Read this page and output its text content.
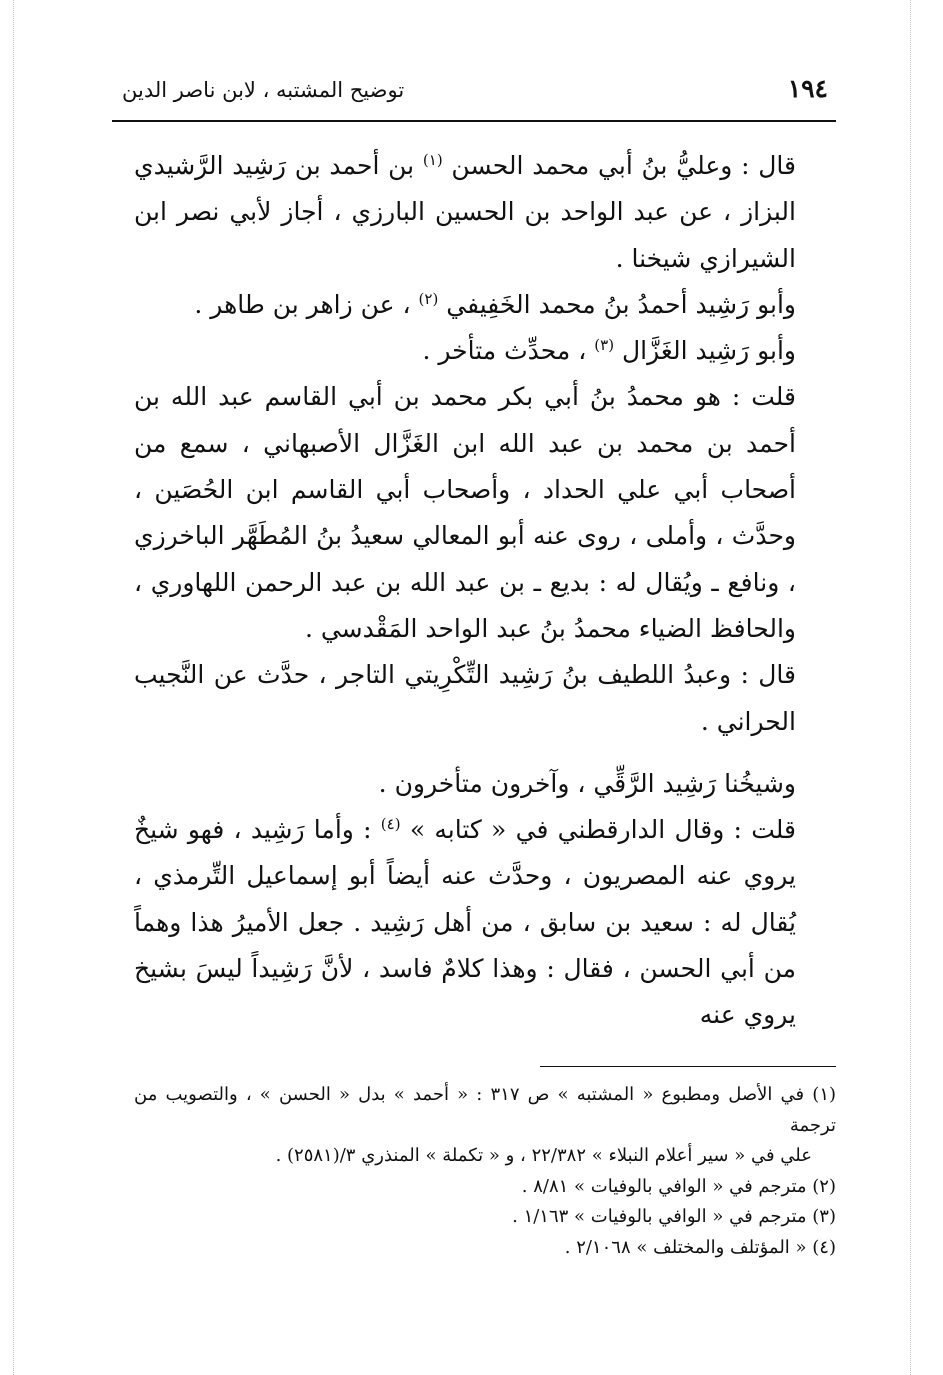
١٩٤
توضيح المشتبه ، لابن ناصر الدين

قال : وعليُّ بنُ أبي محمد الحسن $^{(١)}$ بن أحمد بن رَشِيد الرَّشيدي البزاز ، عن عبد الواحد بن الحسين البارزي ، أجاز لأبي نصر ابن الشيرازي شيخنا .

وأبو رَشِيد أحمدُ بنُ محمد الخَفِيفي $^{(٢)}$ ، عن زاهر بن طاهر .

وأبو رَشِيد الغَزَّال $^{(٣)}$ ، محدِّث متأخر .

قلت : هو محمدُ بنُ أبي بكر محمد بن أبي القاسم عبد الله بن أحمد بن محمد بن عبد الله ابن الغَزَّال الأصبهاني ، سمع من أصحاب أبي علي الحداد ، وأصحاب أبي القاسم ابن الحُصَين ، وحدَّث ، وأملى ، روى عنه أبو المعالي سعيدُ بنُ المُطَهَّر الباخرزي ، ونافع ـ ويُقال له : بديع ـ بن عبد الله بن عبد الرحمن اللهاوري ، والحافظ الضياء محمدُ بنُ عبد الواحد المَقْدسي .

قال : وعبدُ اللطيف بنُ رَشِيد التِّكْرِيتي التاجر ، حدَّث عن النَّجيب الحراني .

وشيخُنا رَشِيد الرَّقِّي ، وآخرون متأخرون .

قلت : وقال الدارقطني في « كتابه » $^{(٤)}$ : وأما رَشِيد ، فهو شيخٌ يروي عنه المصريون ، وحدَّث عنه أيضاً أبو إسماعيل التِّرمذي ، يُقال له : سعيد بن سابق ، من أهل رَشِيد . جعل الأميرُ هذا وهماً من أبي الحسن ، فقال : وهذا كلامٌ فاسد ، لأنَّ رَشِيداً ليسَ بشيخ يروي عنه

(١) في الأصل ومطبوع « المشتبه » ص ٣١٧ : « أحمد » بدل « الحسن » ، والتصويب من ترجمة

علي في « سير أعلام النبلاء » ٢٢/٣٨٢ ، و « تكملة » المنذري ٣/(٢٥٨١) .

(٢) مترجم في « الوافي بالوفيات » ٨/٨١ .

(٣) مترجم في « الوافي بالوفيات » ١/١٦٣ .

(٤) « المؤتلف والمختلف » ٢/١٠٦٨ .
